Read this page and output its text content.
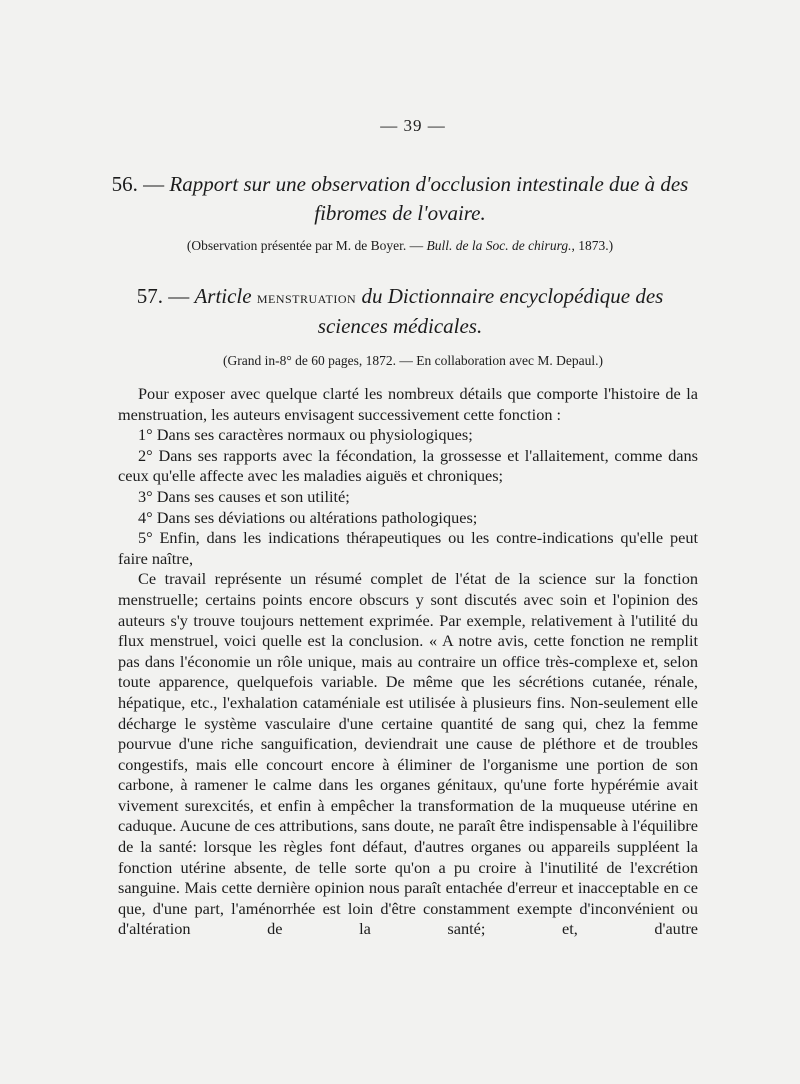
— 39 —
56. — Rapport sur une observation d'occlusion intestinale due à des
fibromes de l'ovaire.

(Observation présentée par M. de Boyer. — Bull. de la Soc. de chirurg., 1873.)

57. — Article menstruation du Dictionnaire encyclopédique des
sciences médicales.

(Grand in-8° de 60 pages, 1872. — En collaboration avec M. Depaul.)

Pour exposer avec quelque clarté les nombreux détails que comporte l'histoire de la menstruation, les auteurs envisagent successivement cette fonction :

1° Dans ses caractères normaux ou physiologiques;

2° Dans ses rapports avec la fécondation, la grossesse et l'allaitement, comme dans ceux qu'elle affecte avec les maladies aiguës et chroniques;

3° Dans ses causes et son utilité;

4° Dans ses déviations ou altérations pathologiques;

5° Enfin, dans les indications thérapeutiques ou les contre-indications qu'elle peut faire naître,

Ce travail représente un résumé complet de l'état de la science sur la fonction menstruelle; certains points encore obscurs y sont discutés avec soin et l'opinion des auteurs s'y trouve toujours nettement exprimée. Par exemple, relativement à l'utilité du flux menstruel, voici quelle est la conclusion. « A notre avis, cette fonction ne remplit pas dans l'économie un rôle unique, mais au contraire un office très-complexe et, selon toute apparence, quelquefois variable. De même que les sécrétions cutanée, rénale, hépatique, etc., l'exhalation cataméniale est utilisée à plusieurs fins. Non-seulement elle décharge le système vasculaire d'une certaine quantité de sang qui, chez la femme pourvue d'une riche sanguification, deviendrait une cause de pléthore et de troubles congestifs, mais elle concourt encore à éliminer de l'organisme une portion de son carbone, à ramener le calme dans les organes génitaux, qu'une forte hypérémie avait vivement surexcités, et enfin à empêcher la transformation de la muqueuse utérine en caduque. Aucune de ces attributions, sans doute, ne paraît être indispensable à l'équilibre de la santé: lorsque les règles font défaut, d'autres organes ou appareils suppléent la fonction utérine absente, de telle sorte qu'on a pu croire à l'inutilité de l'excrétion sanguine. Mais cette dernière opinion nous paraît entachée d'erreur et inacceptable en ce que, d'une part, l'aménorrhée est loin d'être constamment exempte d'inconvénient ou d'altération de la santé; et, d'autre
